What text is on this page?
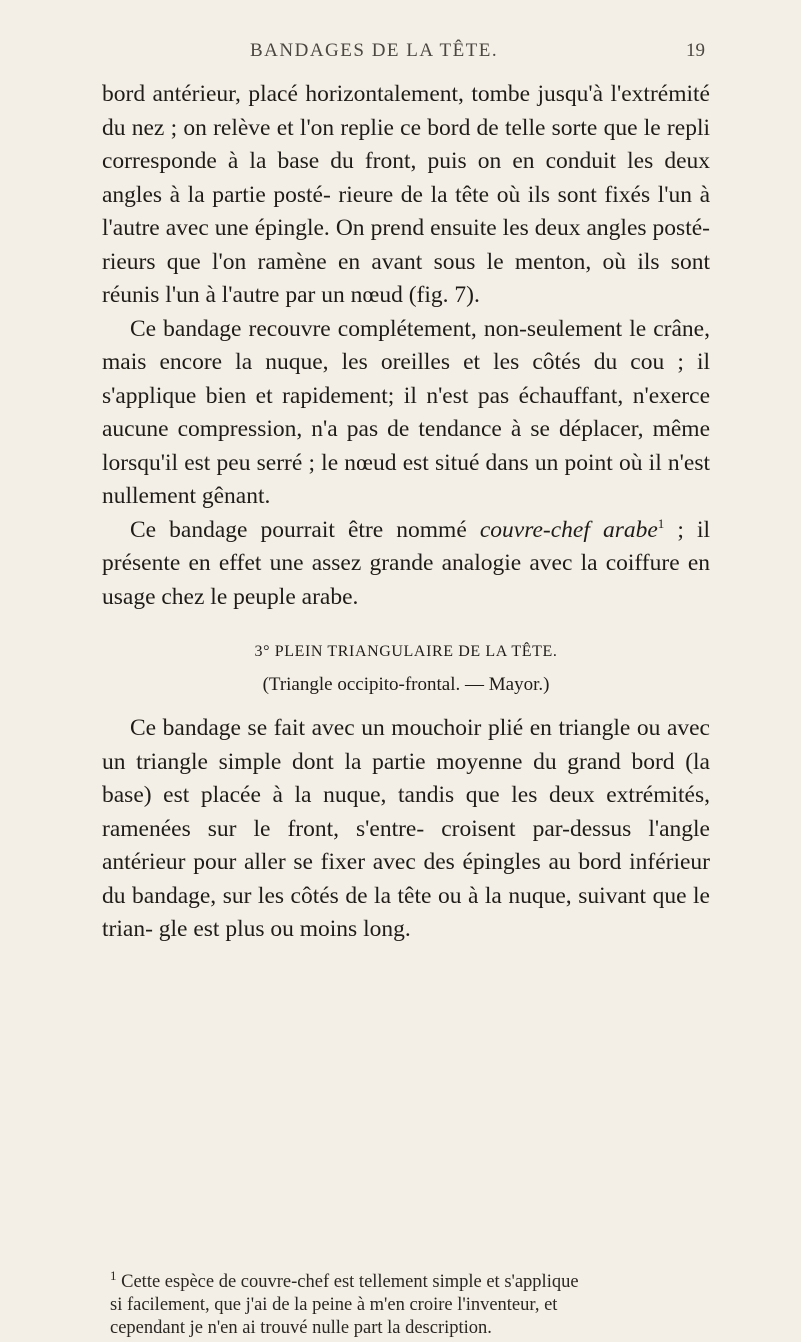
BANDAGES DE LA TÊTE.	19

bord antérieur, placé horizontalement, tombe jusqu'à l'extrémité du nez ; on relève et l'on replie ce bord de telle sorte que le repli corresponde à la base du front, puis on en conduit les deux angles à la partie posté- rieure de la tête où ils sont fixés l'un à l'autre avec une épingle. On prend ensuite les deux angles posté- rieurs que l'on ramène en avant sous le menton, où ils sont réunis l'un à l'autre par un nœud (fig. 7).

Ce bandage recouvre complétement, non-seulement le crâne, mais encore la nuque, les oreilles et les côtés du cou ; il s'applique bien et rapidement; il n'est pas échauffant, n'exerce aucune compression, n'a pas de tendance à se déplacer, même lorsqu'il est peu serré ; le nœud est situé dans un point où il n'est nullement gênant.

Ce bandage pourrait être nommé couvre-chef arabe$^1$ ; il présente en effet une assez grande analogie avec la coiffure en usage chez le peuple arabe.

3° PLEIN TRIANGULAIRE DE LA TÊTE.
(Triangle occipito-frontal. — Mayor.)

Ce bandage se fait avec un mouchoir plié en triangle ou avec un triangle simple dont la partie moyenne du grand bord (la base) est placée à la nuque, tandis que les deux extrémités, ramenées sur le front, s'entre- croisent par-dessus l'angle antérieur pour aller se fixer avec des épingles au bord inférieur du bandage, sur les côtés de la tête ou à la nuque, suivant que le trian- gle est plus ou moins long.

$^1$ Cette espèce de couvre-chef est tellement simple et s'applique
si facilement, que j'ai de la peine à m'en croire l'inventeur, et
cependant je n'en ai trouvé nulle part la description.
